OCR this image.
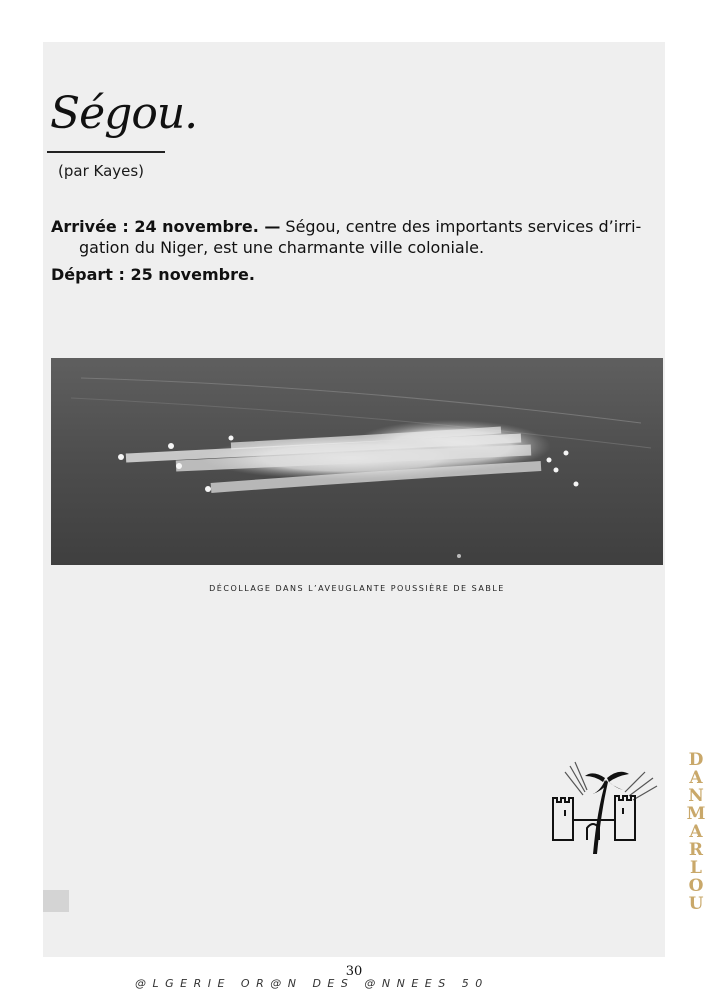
Ségou.
(par Kayes)
Arrivée : 24 novembre. — Ségou, centre des importants services d’irri-
gation du Niger, est une charmante ville coloniale.
Départ : 25 novembre.
DÉCOLLAGE DANS L’AVEUGLANTE POUSSIÈRE DE SABLE
DANMARLOU
30
@LGERIE OR@N DES @NNEES 50
